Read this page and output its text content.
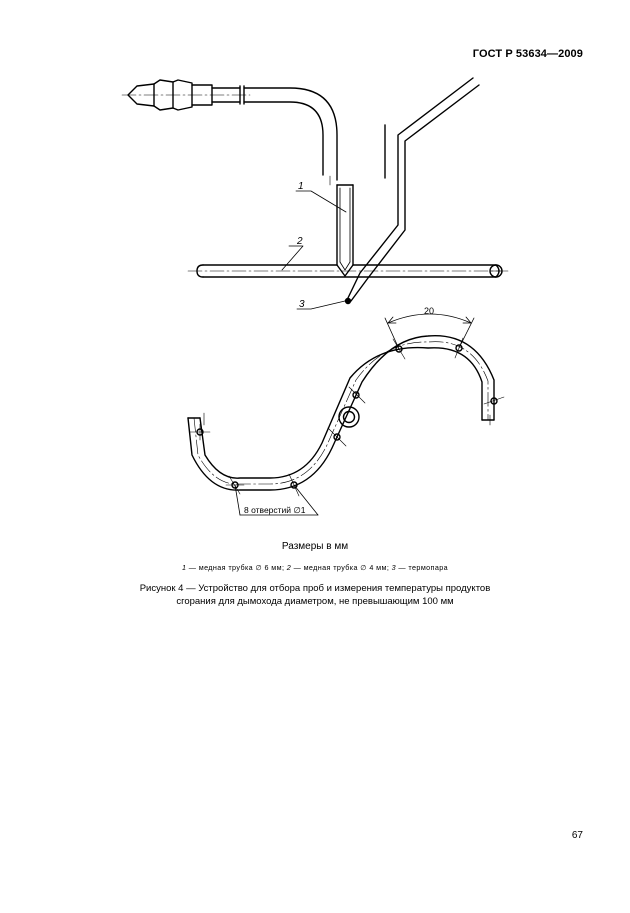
ГОСТ Р 53634—2009
1
2
3
20
8 отверстий ∅1
Размеры в мм
1 — медная трубка ∅ 6 мм; 2 — медная трубка ∅ 4 мм; 3 — термопара
Рисунок 4 — Устройство для отбора проб и измерения температуры продуктов
сгорания для дымохода диаметром, не превышающим 100 мм
67
